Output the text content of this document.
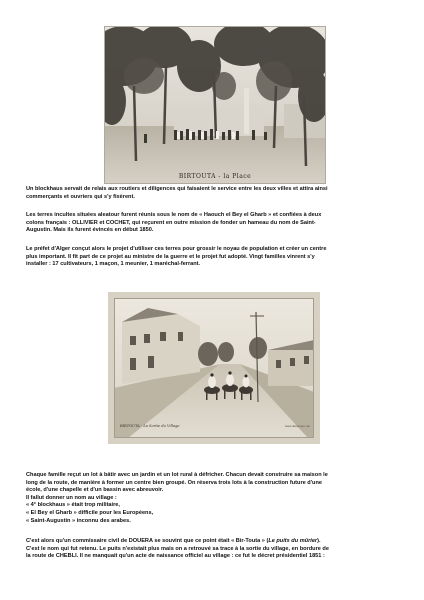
BIRTOUTA - la Place

Un blockhaus servait de relais aux routiers et diligences qui faisaient le service entre les deux villes et attira ainsi
commerçants et ouvriers qui s'y fixèrent.

Les terres incultes situées aleatour furent réunis sous le nom de « Haouch el Bey el Gharb » et confiées à deux
colons français : OLLIVIER et COCHET, qui reçurent en outre mission de fonder un hameau du nom de Saint-
Augustin. Mais ils furent évincés en début 1850.

Le préfet d'Alger conçut alors le projet d'utiliser ces terres pour grossir le noyau de population et créer un centre
plus important. Il fit part de ce projet au ministre de la guerre et le projet fut adopté. Vingt familles vinrent s'y
installer : 17 cultivateurs, 1 maçon, 1 meunier, 1 maréchal-ferrant.

BIRTOUTA - La Sortie du Village	www.delcampe.net

Chaque famille reçut un lot à bâtir avec un jardin et un lot rural à défricher. Chacun devait construire sa maison le
long de la route, de manière à former un centre bien groupé. On réserva trois lots à la construction future d'une
école, d'une chapelle et d'un bassin avec abreuvoir.
Il fallut donner un nom au village :
« 4° blockhaus » était trop militaire,
« El Bey el Gharb » difficile pour les Européens,
« Saint-Augustin » inconnu des arabes.

C'est alors qu'un commissaire civil de DOUERA se souvint que ce point était « Bir-Touta » (Le puits du mûrier).
C'est le nom qui fut retenu. Le puits n'existait plus mais on a retrouvé sa trace à la sortie du village, en bordure de
la route de CHEBLI. Il ne manquait qu'un acte de naissance officiel au village : ce fut le décret présidentiel 1851 :
